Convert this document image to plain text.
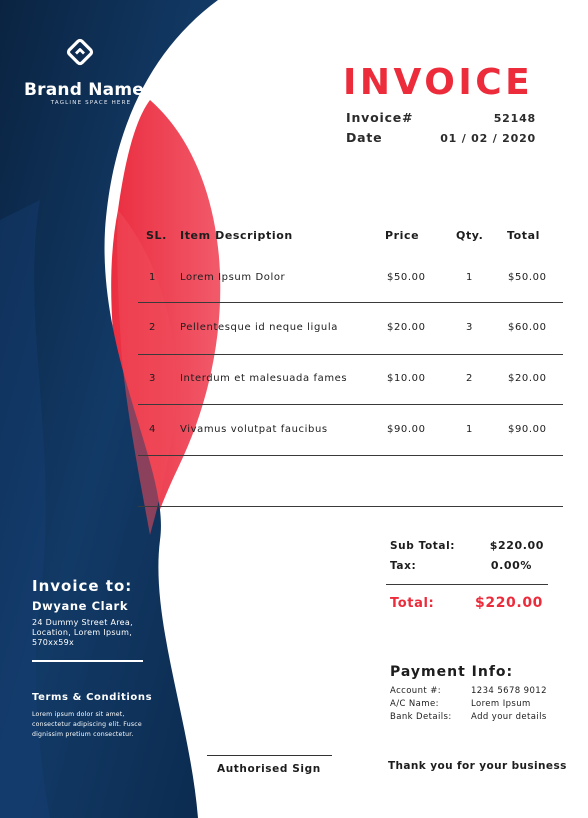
Brand Name
TAGLINE SPACE HERE	INVOICE
Invoice#	52148
Date	01 / 02 / 2020
SL. Item Description	Price	Qty. Total
1 Lorem Ipsum Dolor	$50.00	1	$50.00
2 Pellentesque id neque ligula	$20.00	3	$60.00
3 Interdum et malesuada fames	$10.00	2	$20.00
4 Vivamus volutpat faucibus	$90.00	1	$90.00
Sub Total:	$220.00
Tax:	0.00%
Total:	$220.00
Invoice to:
Dwyane Clark
24 Dummy Street Area, Location, Lorem Ipsum, 570xx59x
Terms & Conditions
Lorem ipsum dolor sit amet, consectetur adipiscing elit. Fusce dignissim pretium consectetur.
Payment Info:
Account #:	1234 5678 9012
A/C Name:	Lorem Ipsum
Bank Details: Add your details
Authorised Sign	Thank you for your business
